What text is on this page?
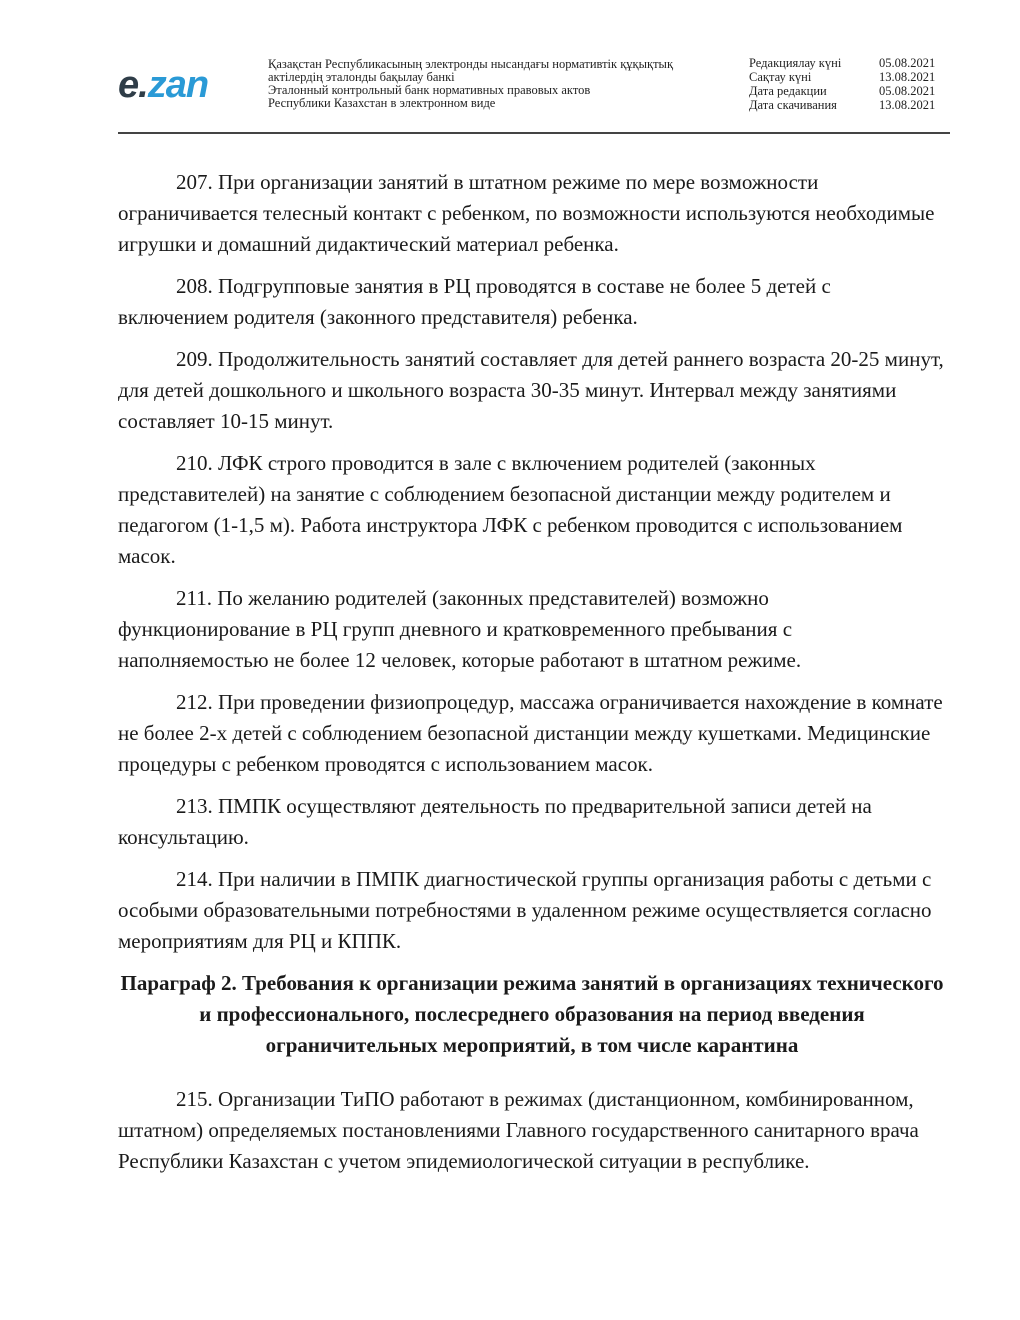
e.zan	Қазақстан Республикасының электронды нысандағы нормативтік құқықтық
актілердің эталонды бақылау банкі
Эталонный контрольный банк нормативных правовых актов
Республики Казахстан в электронном виде
Редакциялау күні	05.08.2021
Сақтау күні	13.08.2021
Дата редакции	05.08.2021
Дата скачивания	13.08.2021

207. При организации занятий в штатном режиме по мере возможности ограничивается телесный контакт с ребенком, по возможности используются необходимые игрушки и домашний дидактический материал ребенка.

208. Подгрупповые занятия в РЦ проводятся в составе не более 5 детей с включением родителя (законного представителя) ребенка.

209. Продолжительность занятий составляет для детей раннего возраста 20-25 минут, для детей дошкольного и школьного возраста 30-35 минут. Интервал между занятиями составляет 10-15 минут.

210. ЛФК строго проводится в зале с включением родителей (законных представителей) на занятие с соблюдением безопасной дистанции между родителем и педагогом (1-1,5 м). Работа инструктора ЛФК с ребенком проводится с использованием масок.

211. По желанию родителей (законных представителей) возможно функционирование в РЦ групп дневного и кратковременного пребывания с наполняемостью не более 12 человек, которые работают в штатном режиме.

212. При проведении физиопроцедур, массажа ограничивается нахождение в комнате не более 2-х детей с соблюдением безопасной дистанции между кушетками. Медицинские процедуры с ребенком проводятся с использованием масок.

213. ПМПК осуществляют деятельность по предварительной записи детей на консультацию.

214. При наличии в ПМПК диагностической группы организация работы с детьми с особыми образовательными потребностями в удаленном режиме осуществляется согласно мероприятиям для РЦ и КППК.

Параграф 2. Требования к организации режима занятий в организациях технического и профессионального, послесреднего образования на период введения ограничительных мероприятий, в том числе карантина

215. Организации ТиПО работают в режимах (дистанционном, комбинированном, штатном) определяемых постановлениями Главного государственного санитарного врача Республики Казахстан с учетом эпидемиологической ситуации в республике.
